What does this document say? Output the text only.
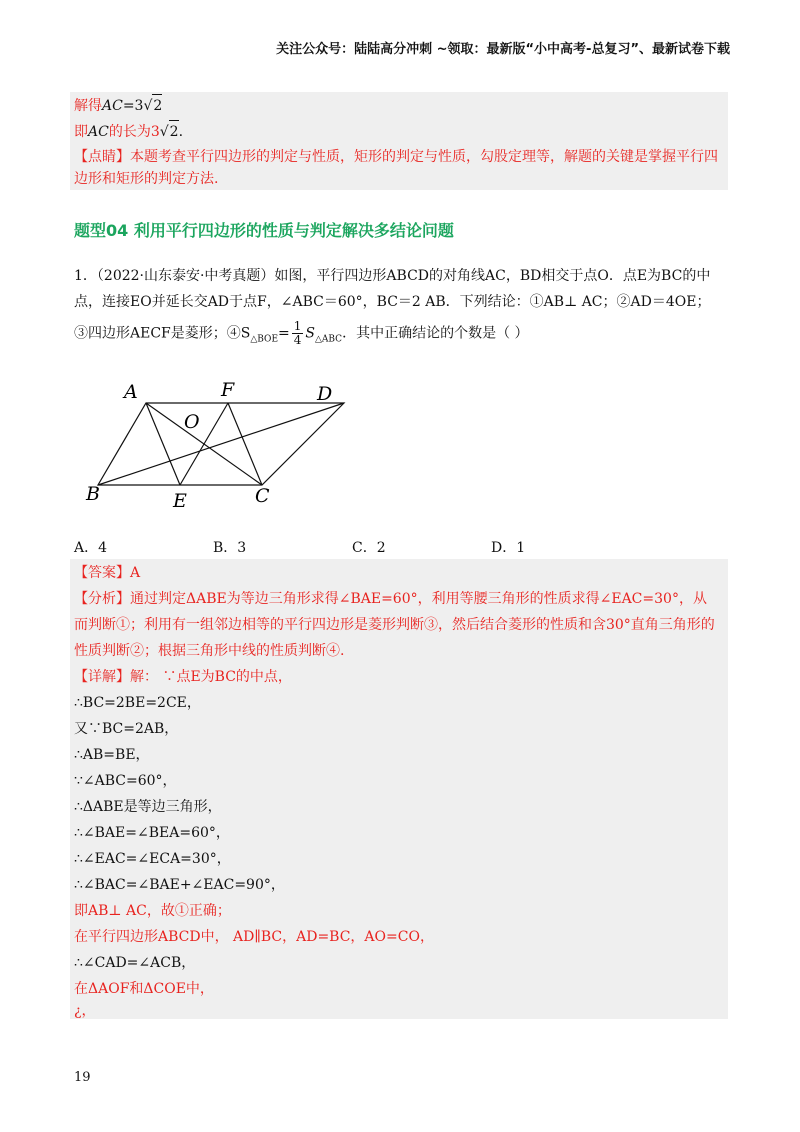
关注公众号：陆陆高分冲刺 ~领取：最新版“小中高考-总复习”、最新试卷下载
解得AC=3√2
即AC的长为3√2.
【点睛】本题考查平行四边形的判定与性质，矩形的判定与性质，勾股定理等，解题的关键是掌握平行四
边形和矩形的判定方法.
题型04 利用平行四边形的性质与判定解决多结论问题
1．（2022·山东泰安·中考真题）如图，平行四边形ABCD的对角线AC，BD相交于点O．点E为BC的中
点，连接EO并延长交AD于点F，∠ABC＝60°，BC＝2 AB．下列结论：①AB⊥ AC；②AD＝4OE；
③四边形AECF是菱形；$④S_{\triangle BOE}= \frac{1}{4} S_{\triangle ABC}$．其中正确结论的个数是（ ）
A	F	D
O
B	E	C
A．4	B．3	C．2	D．1
【答案】A
【分析】通过判定ΔABE为等边三角形求得∠BAE=60°，利用等腰三角形的性质求得∠EAC=30°，从
而判断①；利用有一组邻边相等的平行四边形是菱形判断③，然后结合菱形的性质和含30°直角三角形的
性质判断②；根据三角形中线的性质判断④.
【详解】解： ∵点E为BC的中点，
∴BC=2BE=2CE，
又∵BC=2AB，
∴AB=BE，
∵∠ABC=60°，
∴ΔABE是等边三角形，
∴∠BAE=∠BEA=60°，
∴∠EAC=∠ECA=30°，
∴∠BAC=∠BAE+∠EAC=90°，
即AB⊥ AC，故①正确；
在平行四边形ABCD中， AD∥BC，AD=BC，AO=CO，
∴∠CAD=∠ACB，
在ΔAOF和ΔCOE中，
¿，
19
